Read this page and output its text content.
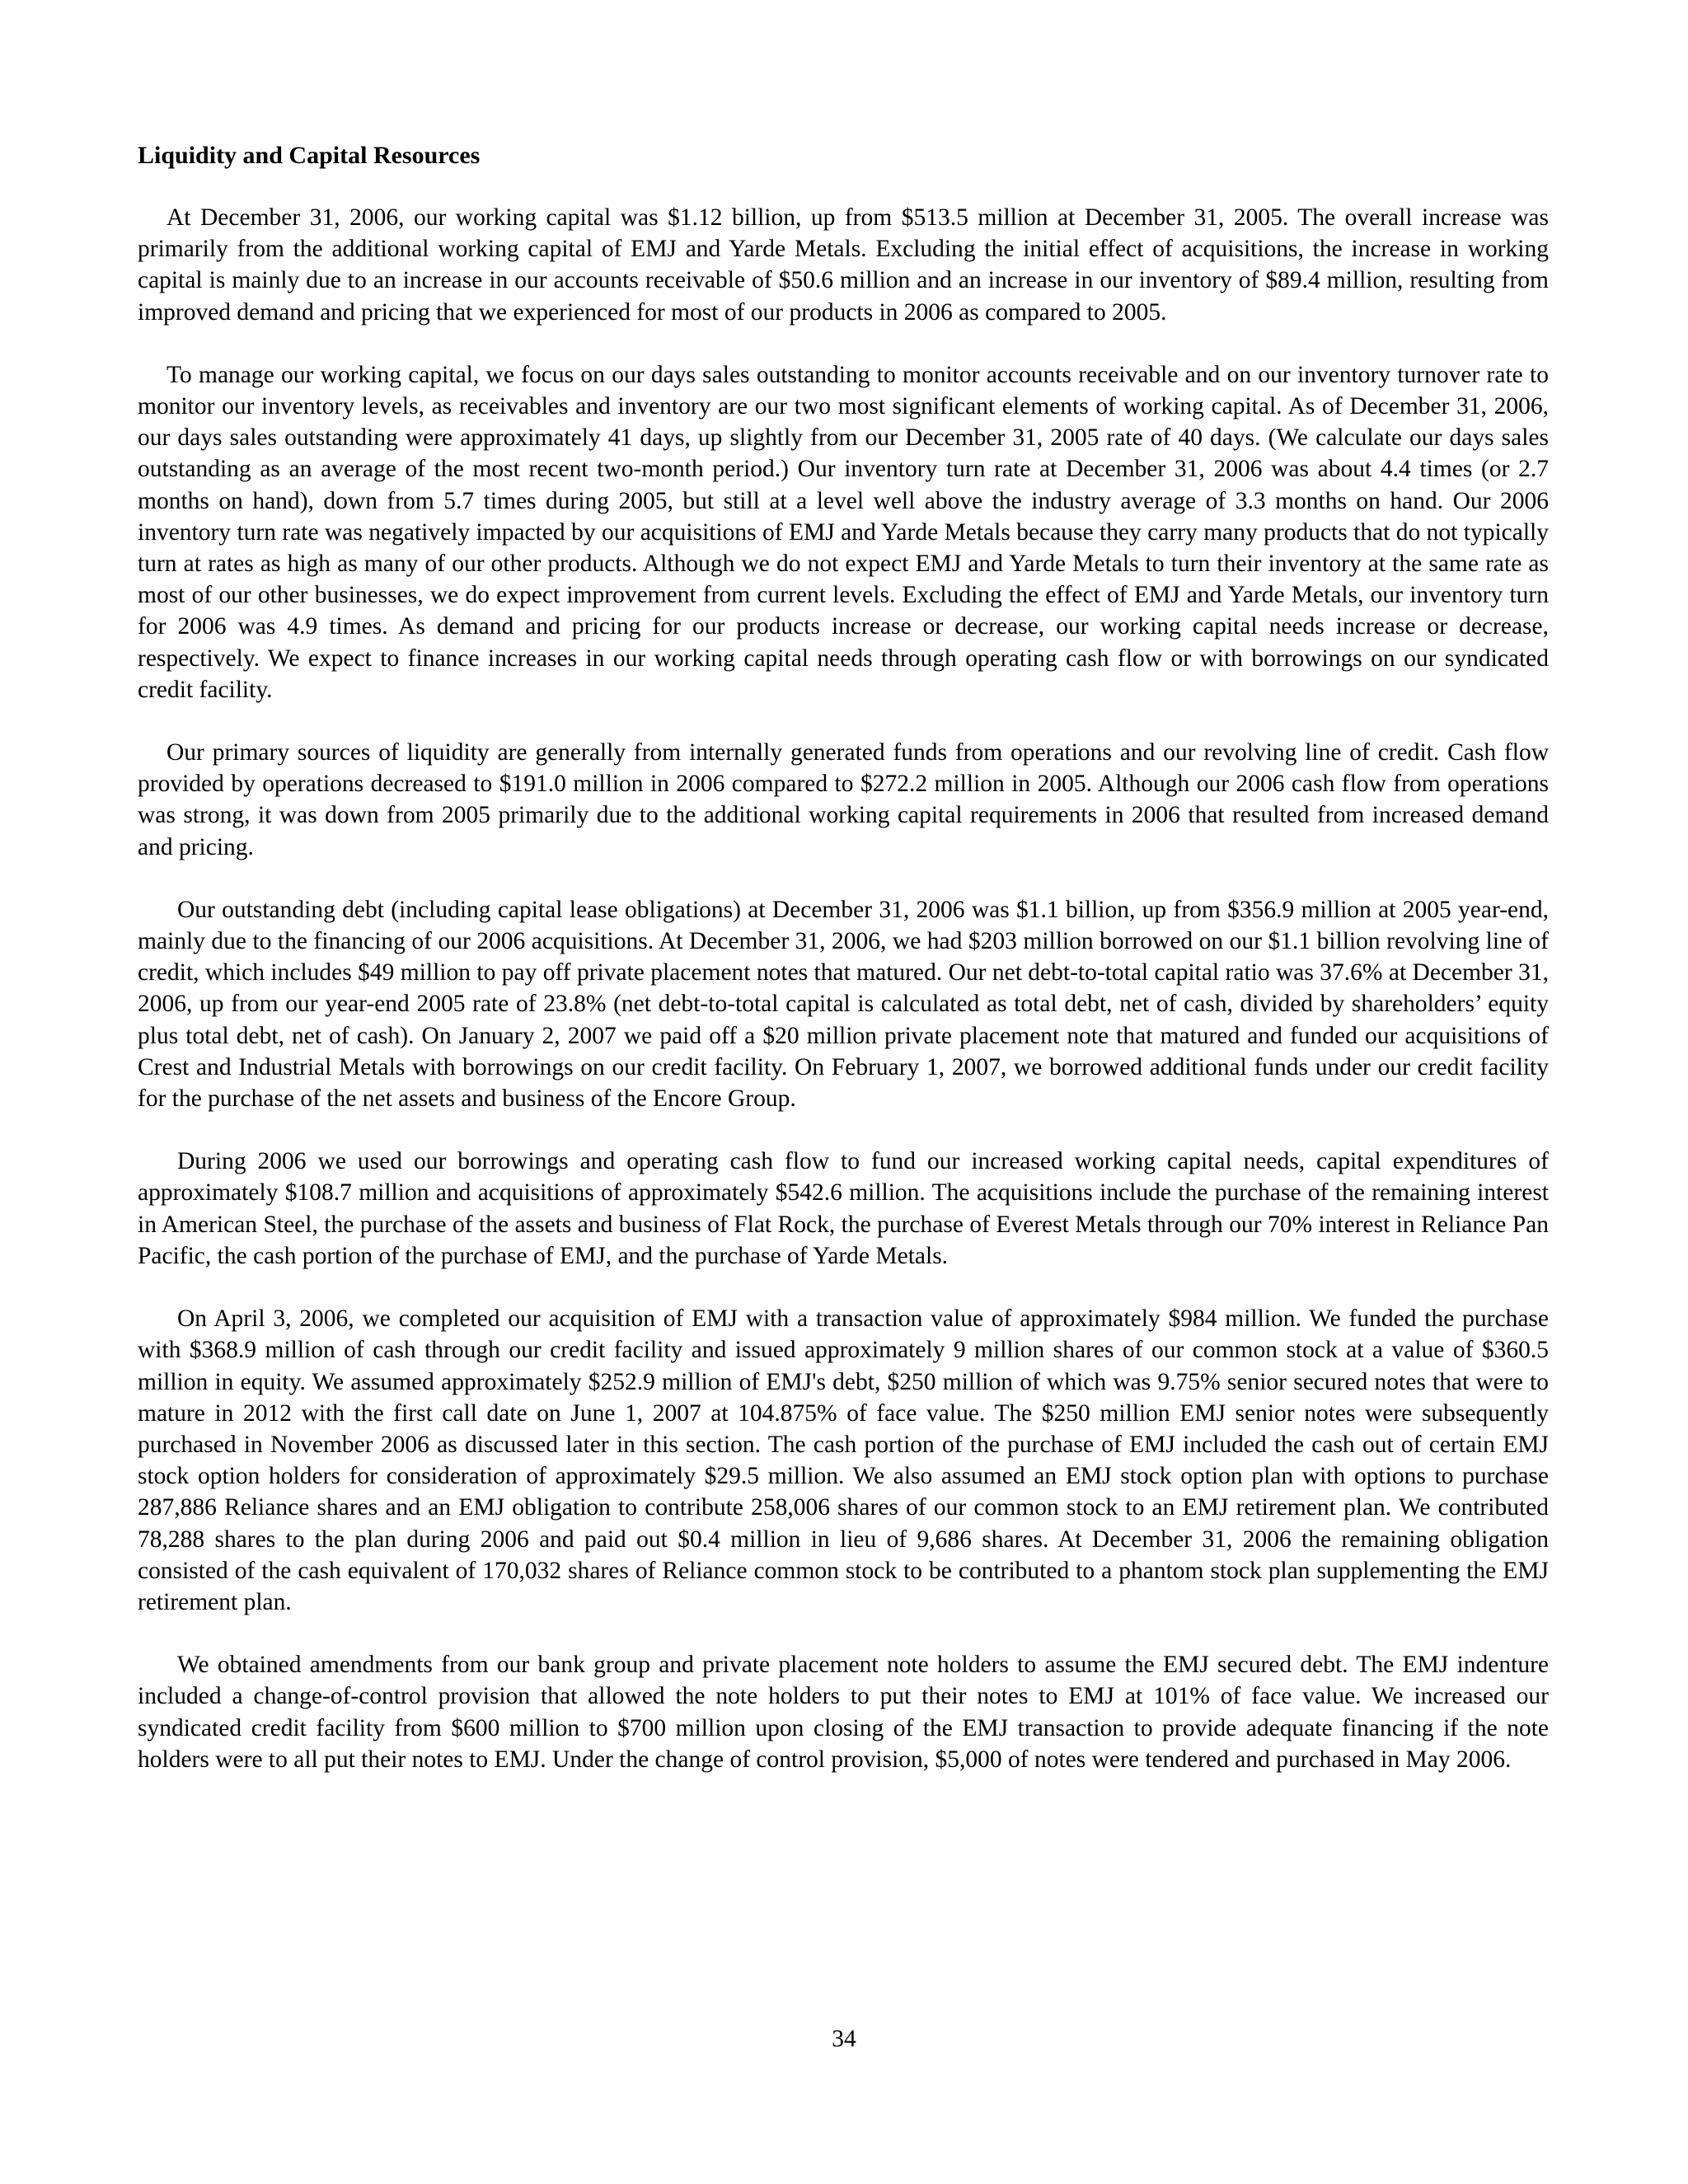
Liquidity and Capital Resources

At December 31, 2006, our working capital was $1.12 billion, up from $513.5 million at December 31, 2005. The overall increase was primarily from the additional working capital of EMJ and Yarde Metals. Excluding the initial effect of acquisitions, the increase in working capital is mainly due to an increase in our accounts receivable of $50.6 million and an increase in our inventory of $89.4 million, resulting from improved demand and pricing that we experienced for most of our products in 2006 as compared to 2005.

To manage our working capital, we focus on our days sales outstanding to monitor accounts receivable and on our inventory turnover rate to monitor our inventory levels, as receivables and inventory are our two most significant elements of working capital. As of December 31, 2006, our days sales outstanding were approximately 41 days, up slightly from our December 31, 2005 rate of 40 days. (We calculate our days sales outstanding as an average of the most recent two-month period.) Our inventory turn rate at December 31, 2006 was about 4.4 times (or 2.7 months on hand), down from 5.7 times during 2005, but still at a level well above the industry average of 3.3 months on hand. Our 2006 inventory turn rate was negatively impacted by our acquisitions of EMJ and Yarde Metals because they carry many products that do not typically turn at rates as high as many of our other products. Although we do not expect EMJ and Yarde Metals to turn their inventory at the same rate as most of our other businesses, we do expect improvement from current levels. Excluding the effect of EMJ and Yarde Metals, our inventory turn for 2006 was 4.9 times. As demand and pricing for our products increase or decrease, our working capital needs increase or decrease, respectively. We expect to finance increases in our working capital needs through operating cash flow or with borrowings on our syndicated credit facility.

Our primary sources of liquidity are generally from internally generated funds from operations and our revolving line of credit. Cash flow provided by operations decreased to $191.0 million in 2006 compared to $272.2 million in 2005. Although our 2006 cash flow from operations was strong, it was down from 2005 primarily due to the additional working capital requirements in 2006 that resulted from increased demand and pricing.

Our outstanding debt (including capital lease obligations) at December 31, 2006 was $1.1 billion, up from $356.9 million at 2005 year-end, mainly due to the financing of our 2006 acquisitions. At December 31, 2006, we had $203 million borrowed on our $1.1 billion revolving line of credit, which includes $49 million to pay off private placement notes that matured. Our net debt-to-total capital ratio was 37.6% at December 31, 2006, up from our year-end 2005 rate of 23.8% (net debt-to-total capital is calculated as total debt, net of cash, divided by shareholders’ equity plus total debt, net of cash). On January 2, 2007 we paid off a $20 million private placement note that matured and funded our acquisitions of Crest and Industrial Metals with borrowings on our credit facility. On February 1, 2007, we borrowed additional funds under our credit facility for the purchase of the net assets and business of the Encore Group.

During 2006 we used our borrowings and operating cash flow to fund our increased working capital needs, capital expenditures of approximately $108.7 million and acquisitions of approximately $542.6 million. The acquisitions include the purchase of the remaining interest in American Steel, the purchase of the assets and business of Flat Rock, the purchase of Everest Metals through our 70% interest in Reliance Pan Pacific, the cash portion of the purchase of EMJ, and the purchase of Yarde Metals.

On April 3, 2006, we completed our acquisition of EMJ with a transaction value of approximately $984 million. We funded the purchase with $368.9 million of cash through our credit facility and issued approximately 9 million shares of our common stock at a value of $360.5 million in equity. We assumed approximately $252.9 million of EMJ's debt, $250 million of which was 9.75% senior secured notes that were to mature in 2012 with the first call date on June 1, 2007 at 104.875% of face value. The $250 million EMJ senior notes were subsequently purchased in November 2006 as discussed later in this section. The cash portion of the purchase of EMJ included the cash out of certain EMJ stock option holders for consideration of approximately $29.5 million. We also assumed an EMJ stock option plan with options to purchase 287,886 Reliance shares and an EMJ obligation to contribute 258,006 shares of our common stock to an EMJ retirement plan. We contributed 78,288 shares to the plan during 2006 and paid out $0.4 million in lieu of 9,686 shares. At December 31, 2006 the remaining obligation consisted of the cash equivalent of 170,032 shares of Reliance common stock to be contributed to a phantom stock plan supplementing the EMJ retirement plan.

We obtained amendments from our bank group and private placement note holders to assume the EMJ secured debt. The EMJ indenture included a change-of-control provision that allowed the note holders to put their notes to EMJ at 101% of face value. We increased our syndicated credit facility from $600 million to $700 million upon closing of the EMJ transaction to provide adequate financing if the note holders were to all put their notes to EMJ. Under the change of control provision, $5,000 of notes were tendered and purchased in May 2006.

34
